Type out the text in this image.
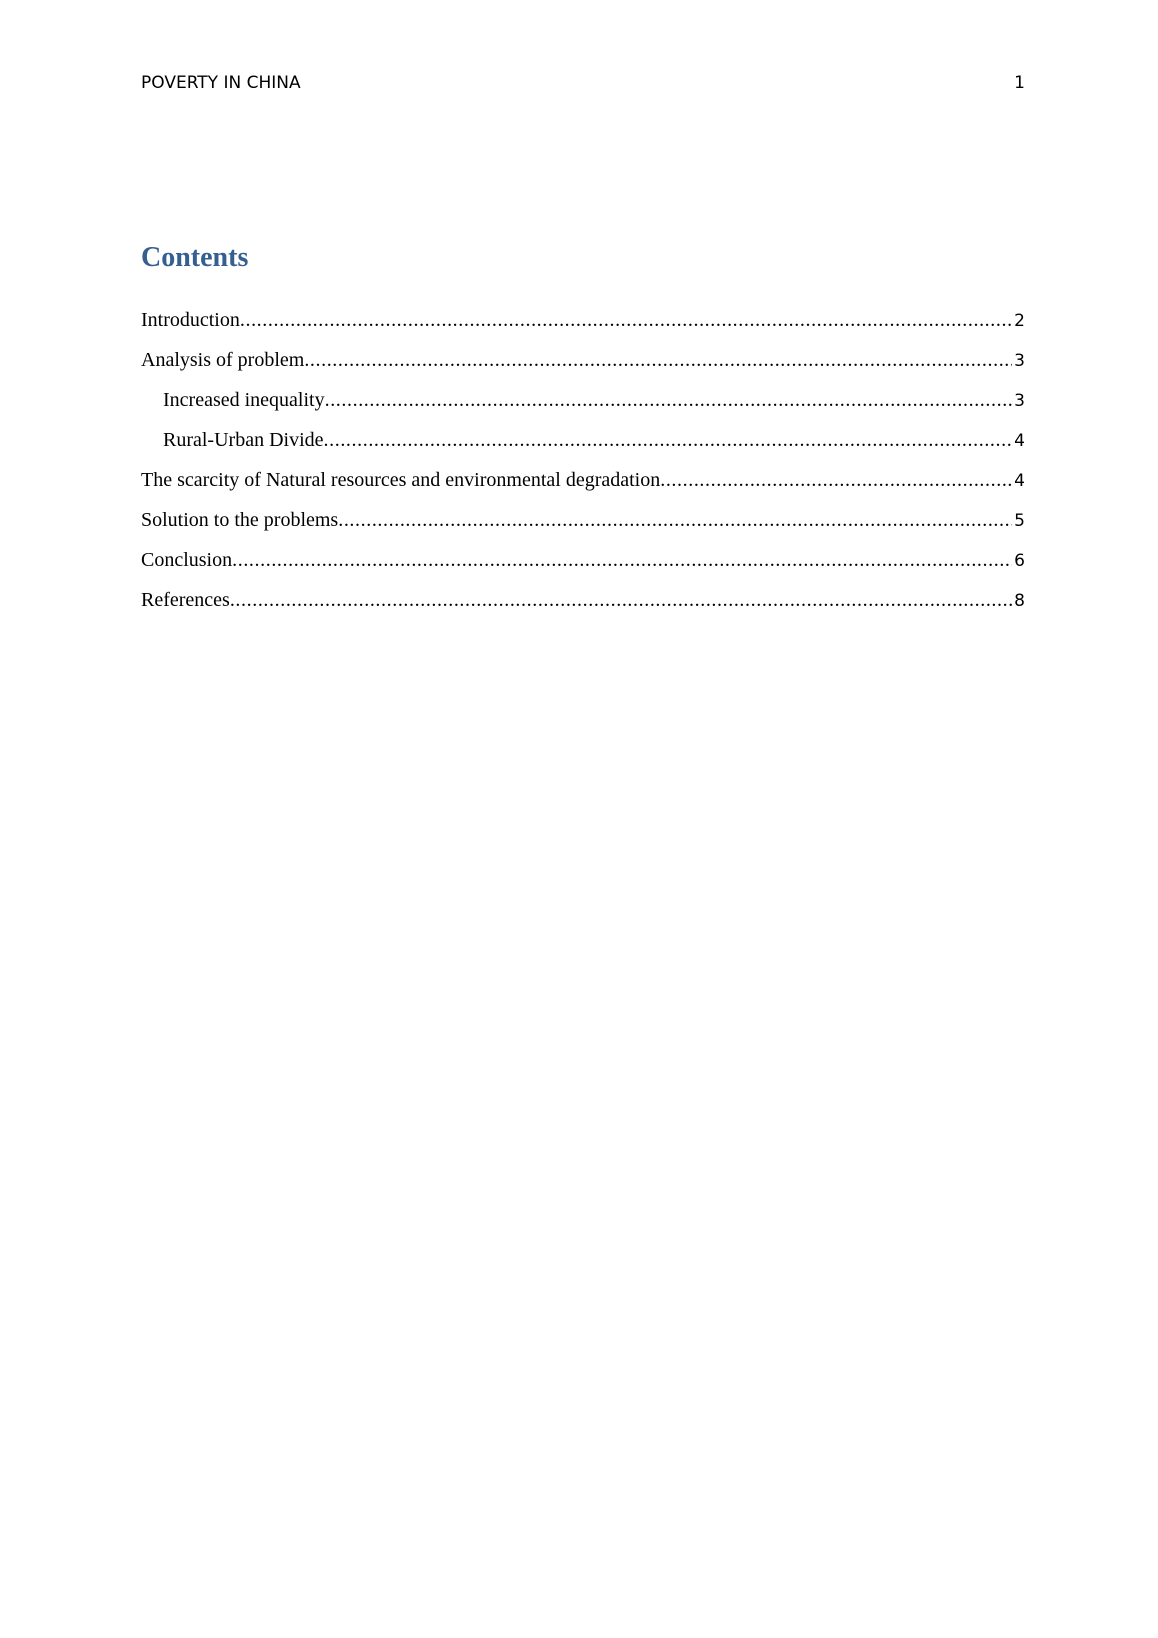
POVERTY IN CHINA	1
Contents
Introduction .....	2
Analysis of problem .....	3
Increased inequality .....	3
Rural-Urban Divide .....	4
The scarcity of Natural resources and environmental degradation .....	4
Solution to the problems .....	5
Conclusion .....	6
References .....	8
